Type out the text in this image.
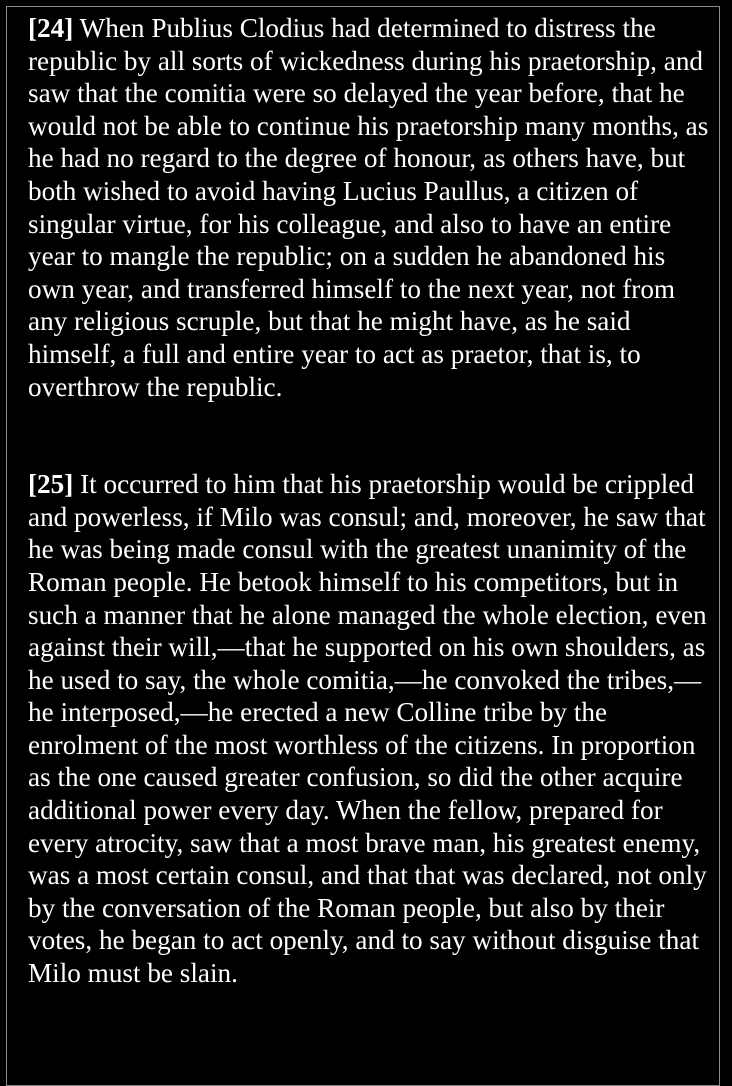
[24] When Publius Clodius had determined to distress the republic by all sorts of wickedness during his praetorship, and saw that the comitia were so delayed the year before, that he would not be able to continue his praetorship many months, as he had no regard to the degree of honour, as others have, but both wished to avoid having Lucius Paullus, a citizen of singular virtue, for his colleague, and also to have an entire year to mangle the republic; on a sudden he abandoned his own year, and transferred himself to the next year, not from any religious scruple, but that he might have, as he said himself, a full and entire year to act as praetor, that is, to overthrow the republic.

[25] It occurred to him that his praetorship would be crippled and powerless, if Milo was consul; and, moreover, he saw that he was being made consul with the greatest unanimity of the Roman people. He betook himself to his competitors, but in such a manner that he alone managed the whole election, even against their will,—that he supported on his own shoulders, as he used to say, the whole comitia,—he convoked the tribes,—he interposed,—he erected a new Colline tribe by the enrolment of the most worthless of the citizens. In proportion as the one caused greater confusion, so did the other acquire additional power every day. When the fellow, prepared for every atrocity, saw that a most brave man, his greatest enemy, was a most certain consul, and that that was declared, not only by the conversation of the Roman people, but also by their votes, he began to act openly, and to say without disguise that Milo must be slain.
